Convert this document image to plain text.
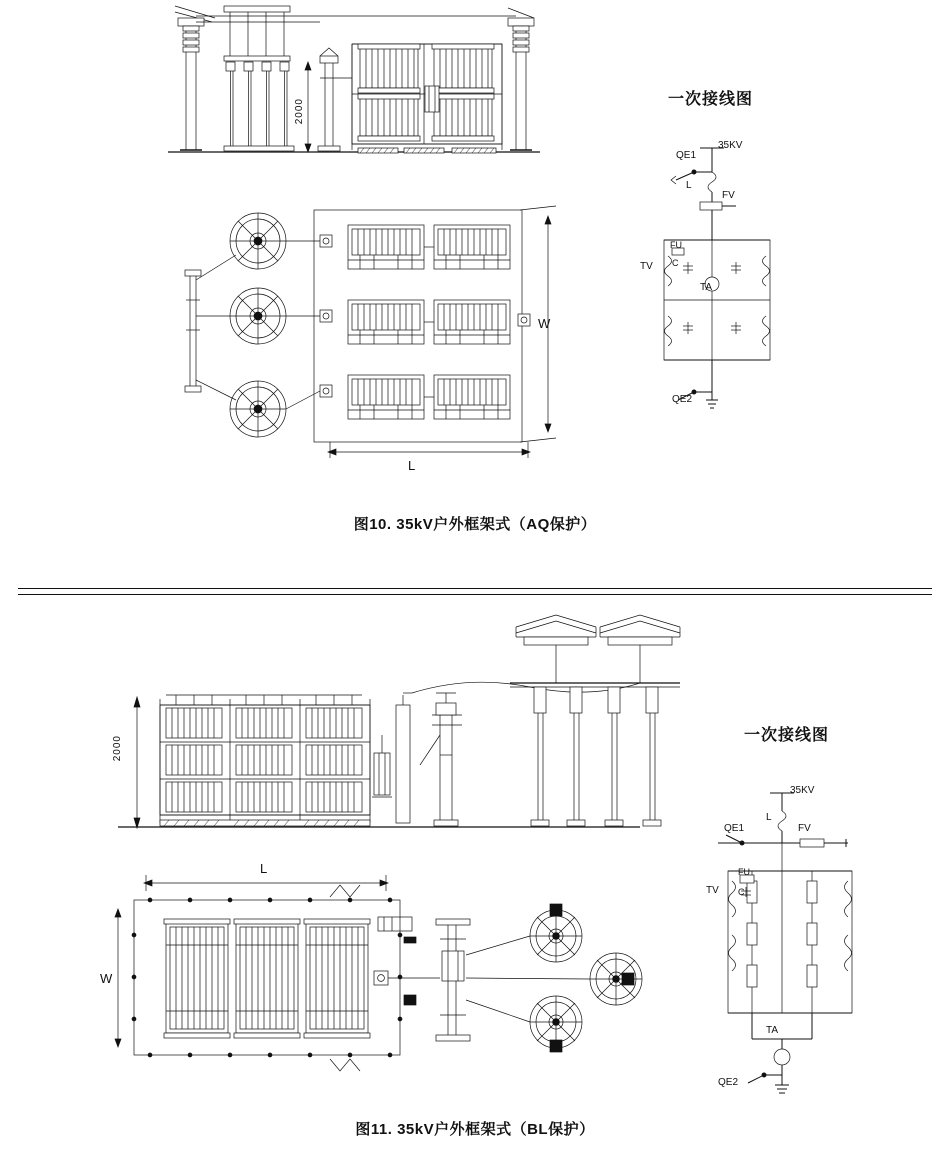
2000
L
W
一次接线图
35KV
QE1
L
FV
TV
FU
C
TA
QE2
图10. 35kV户外框架式（AQ保护）
2000
L
W
一次接线图
35KV
L
QE1	FV
TV
FU
C
TA
QE2
图11. 35kV户外框架式（BL保护）
